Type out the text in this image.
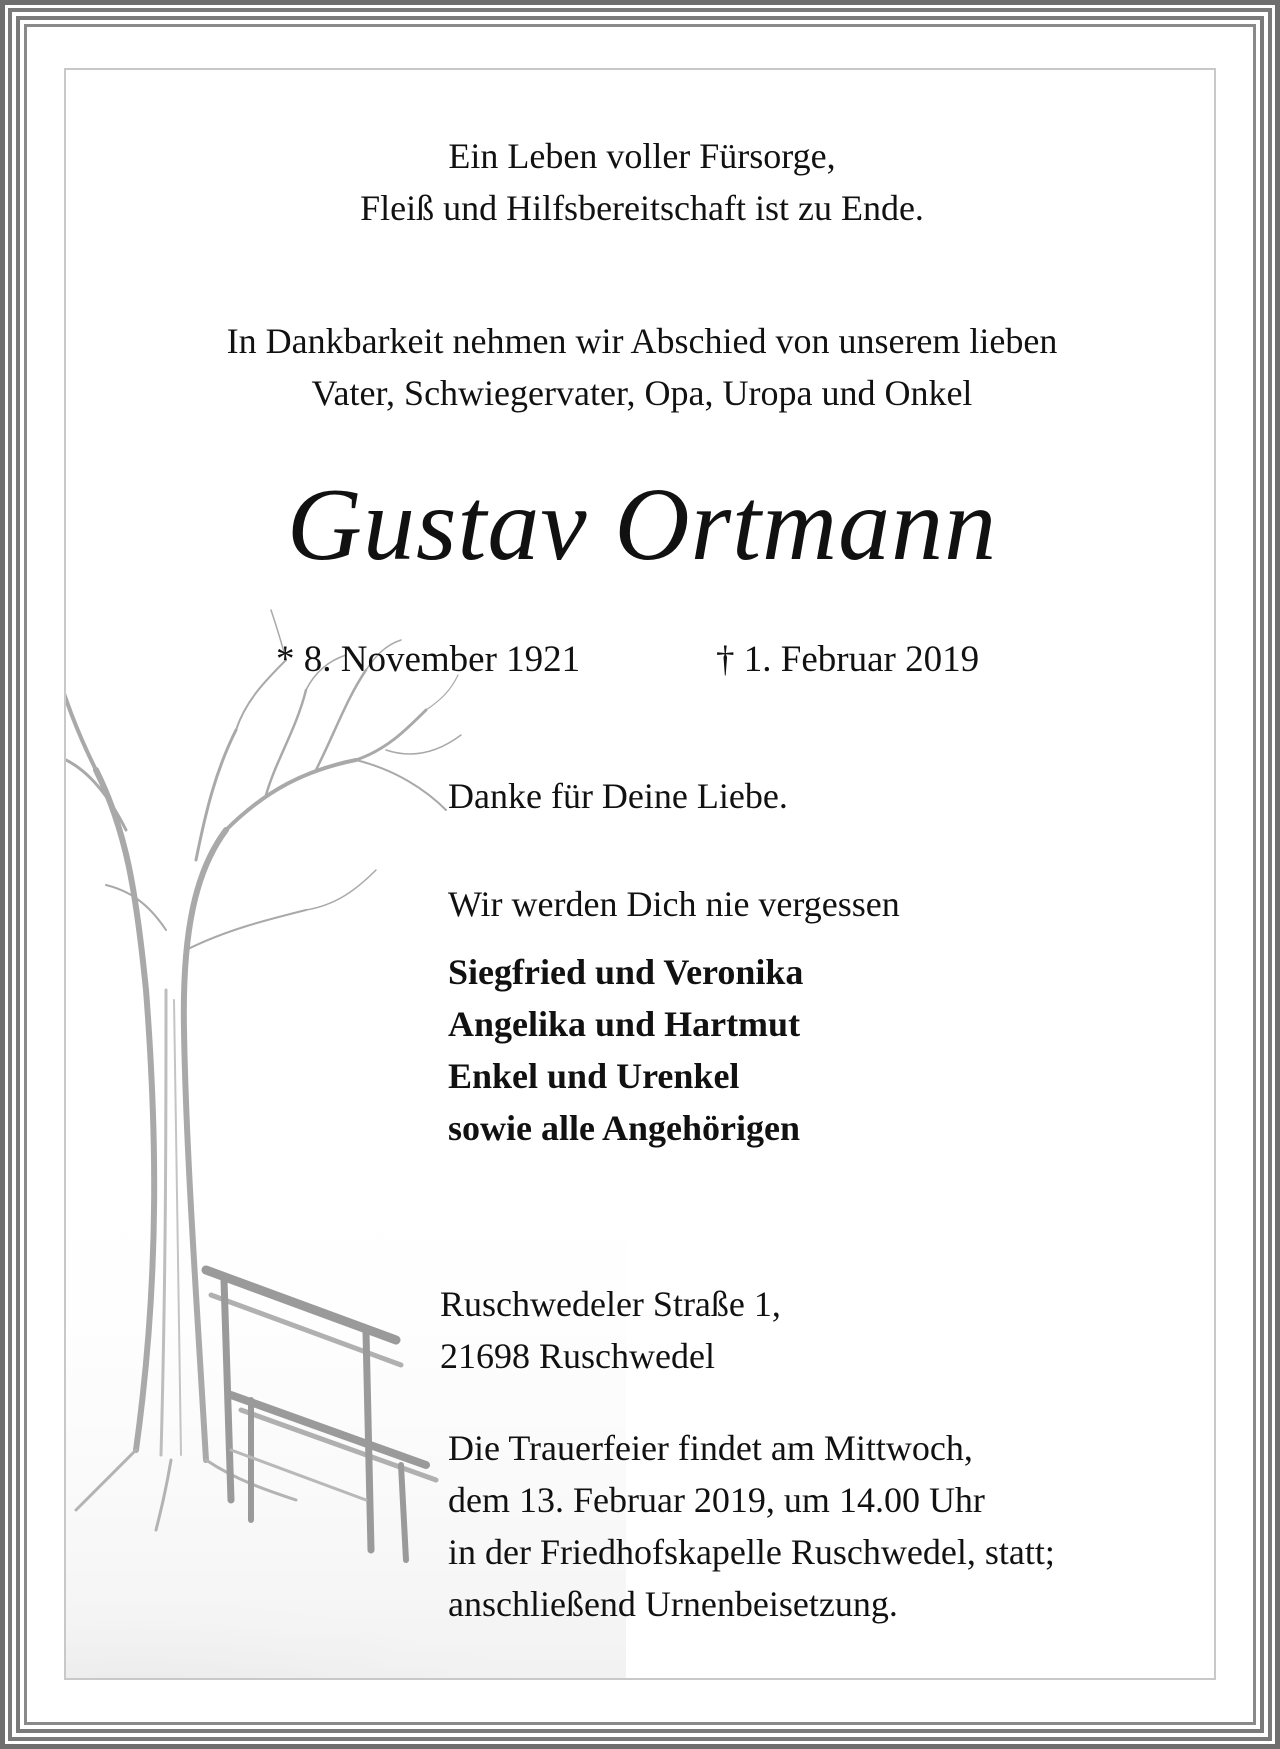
Ein Leben voller Fürsorge,
Fleiß und Hilfsbereitschaft ist zu Ende.
In Dankbarkeit nehmen wir Abschied von unserem lieben
Vater, Schwiegervater, Opa, Uropa und Onkel
Gustav Ortmann
* 8. November 1921	† 1. Februar 2019
Danke für Deine Liebe.
Wir werden Dich nie vergessen
Siegfried und Veronika
Angelika und Hartmut
Enkel und Urenkel
sowie alle Angehörigen
Ruschwedeler Straße 1,
21698 Ruschwedel
Die Trauerfeier findet am Mittwoch,
dem 13. Februar 2019, um 14.00 Uhr
in der Friedhofskapelle Ruschwedel, statt;
anschließend Urnenbeisetzung.
